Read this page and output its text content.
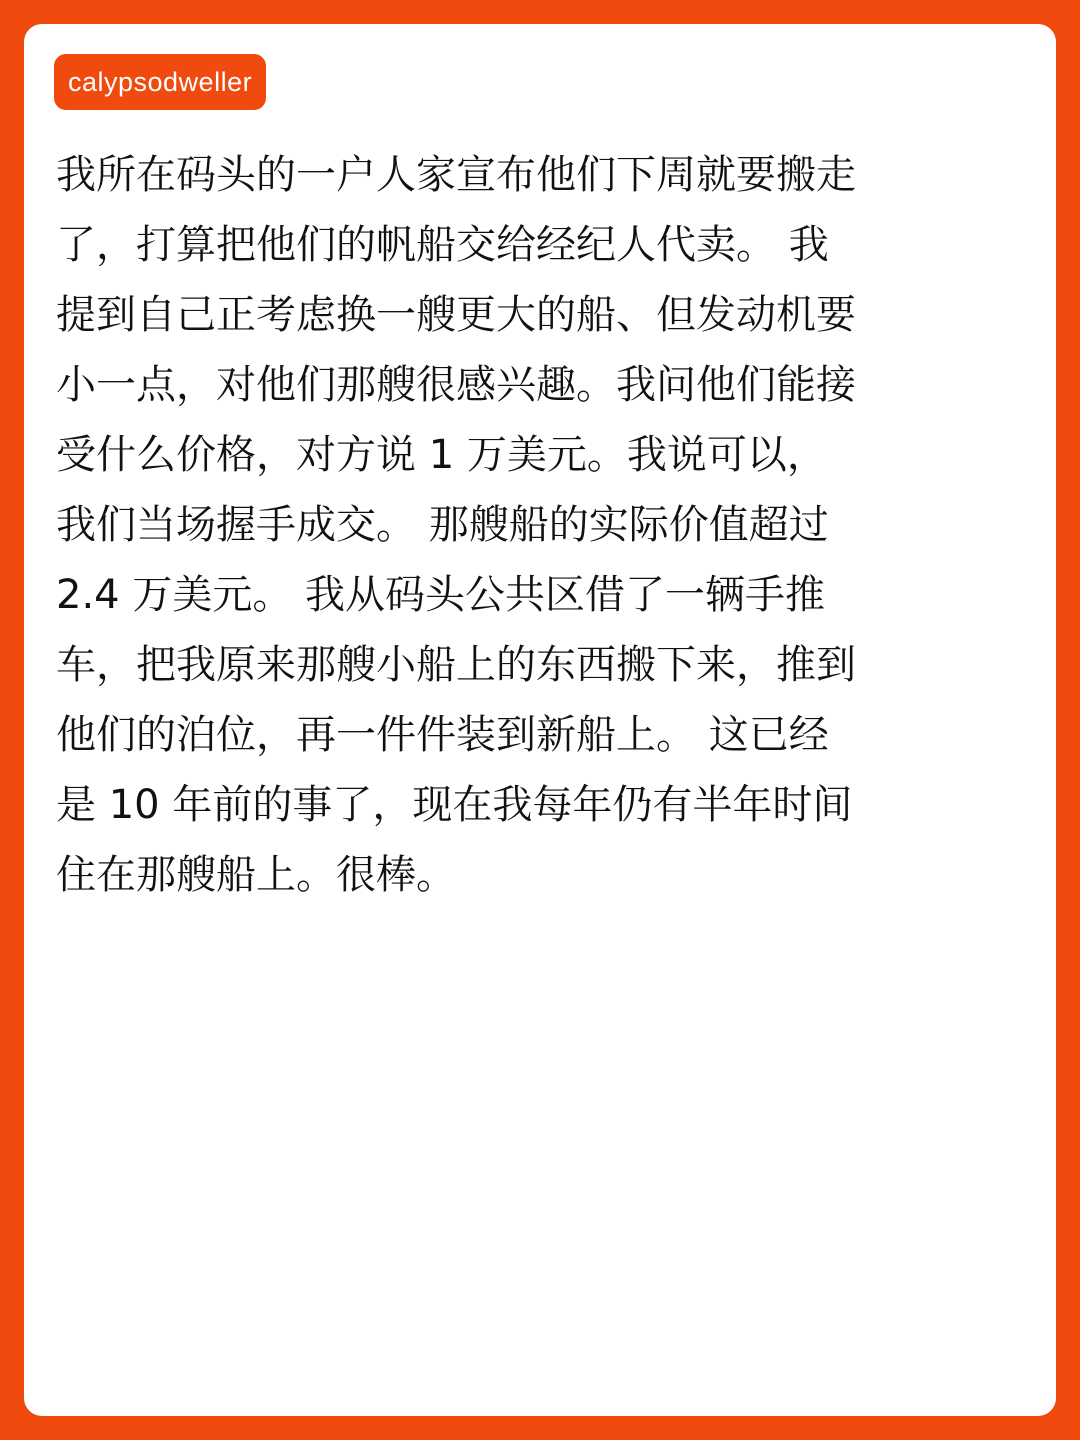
calypsodweller
我所在码头的一户人家宣布他们下周就要搬走
了，打算把他们的帆船交给经纪人代卖。 我
提到自己正考虑换一艘更大的船、但发动机要
小一点，对他们那艘很感兴趣。我问他们能接
受什么价格，对方说 1 万美元。我说可以，
我们当场握手成交。 那艘船的实际价值超过
2.4 万美元。 我从码头公共区借了一辆手推
车，把我原来那艘小船上的东西搬下来，推到
他们的泊位，再一件件装到新船上。 这已经
是 10 年前的事了，现在我每年仍有半年时间
住在那艘船上。很棒。
